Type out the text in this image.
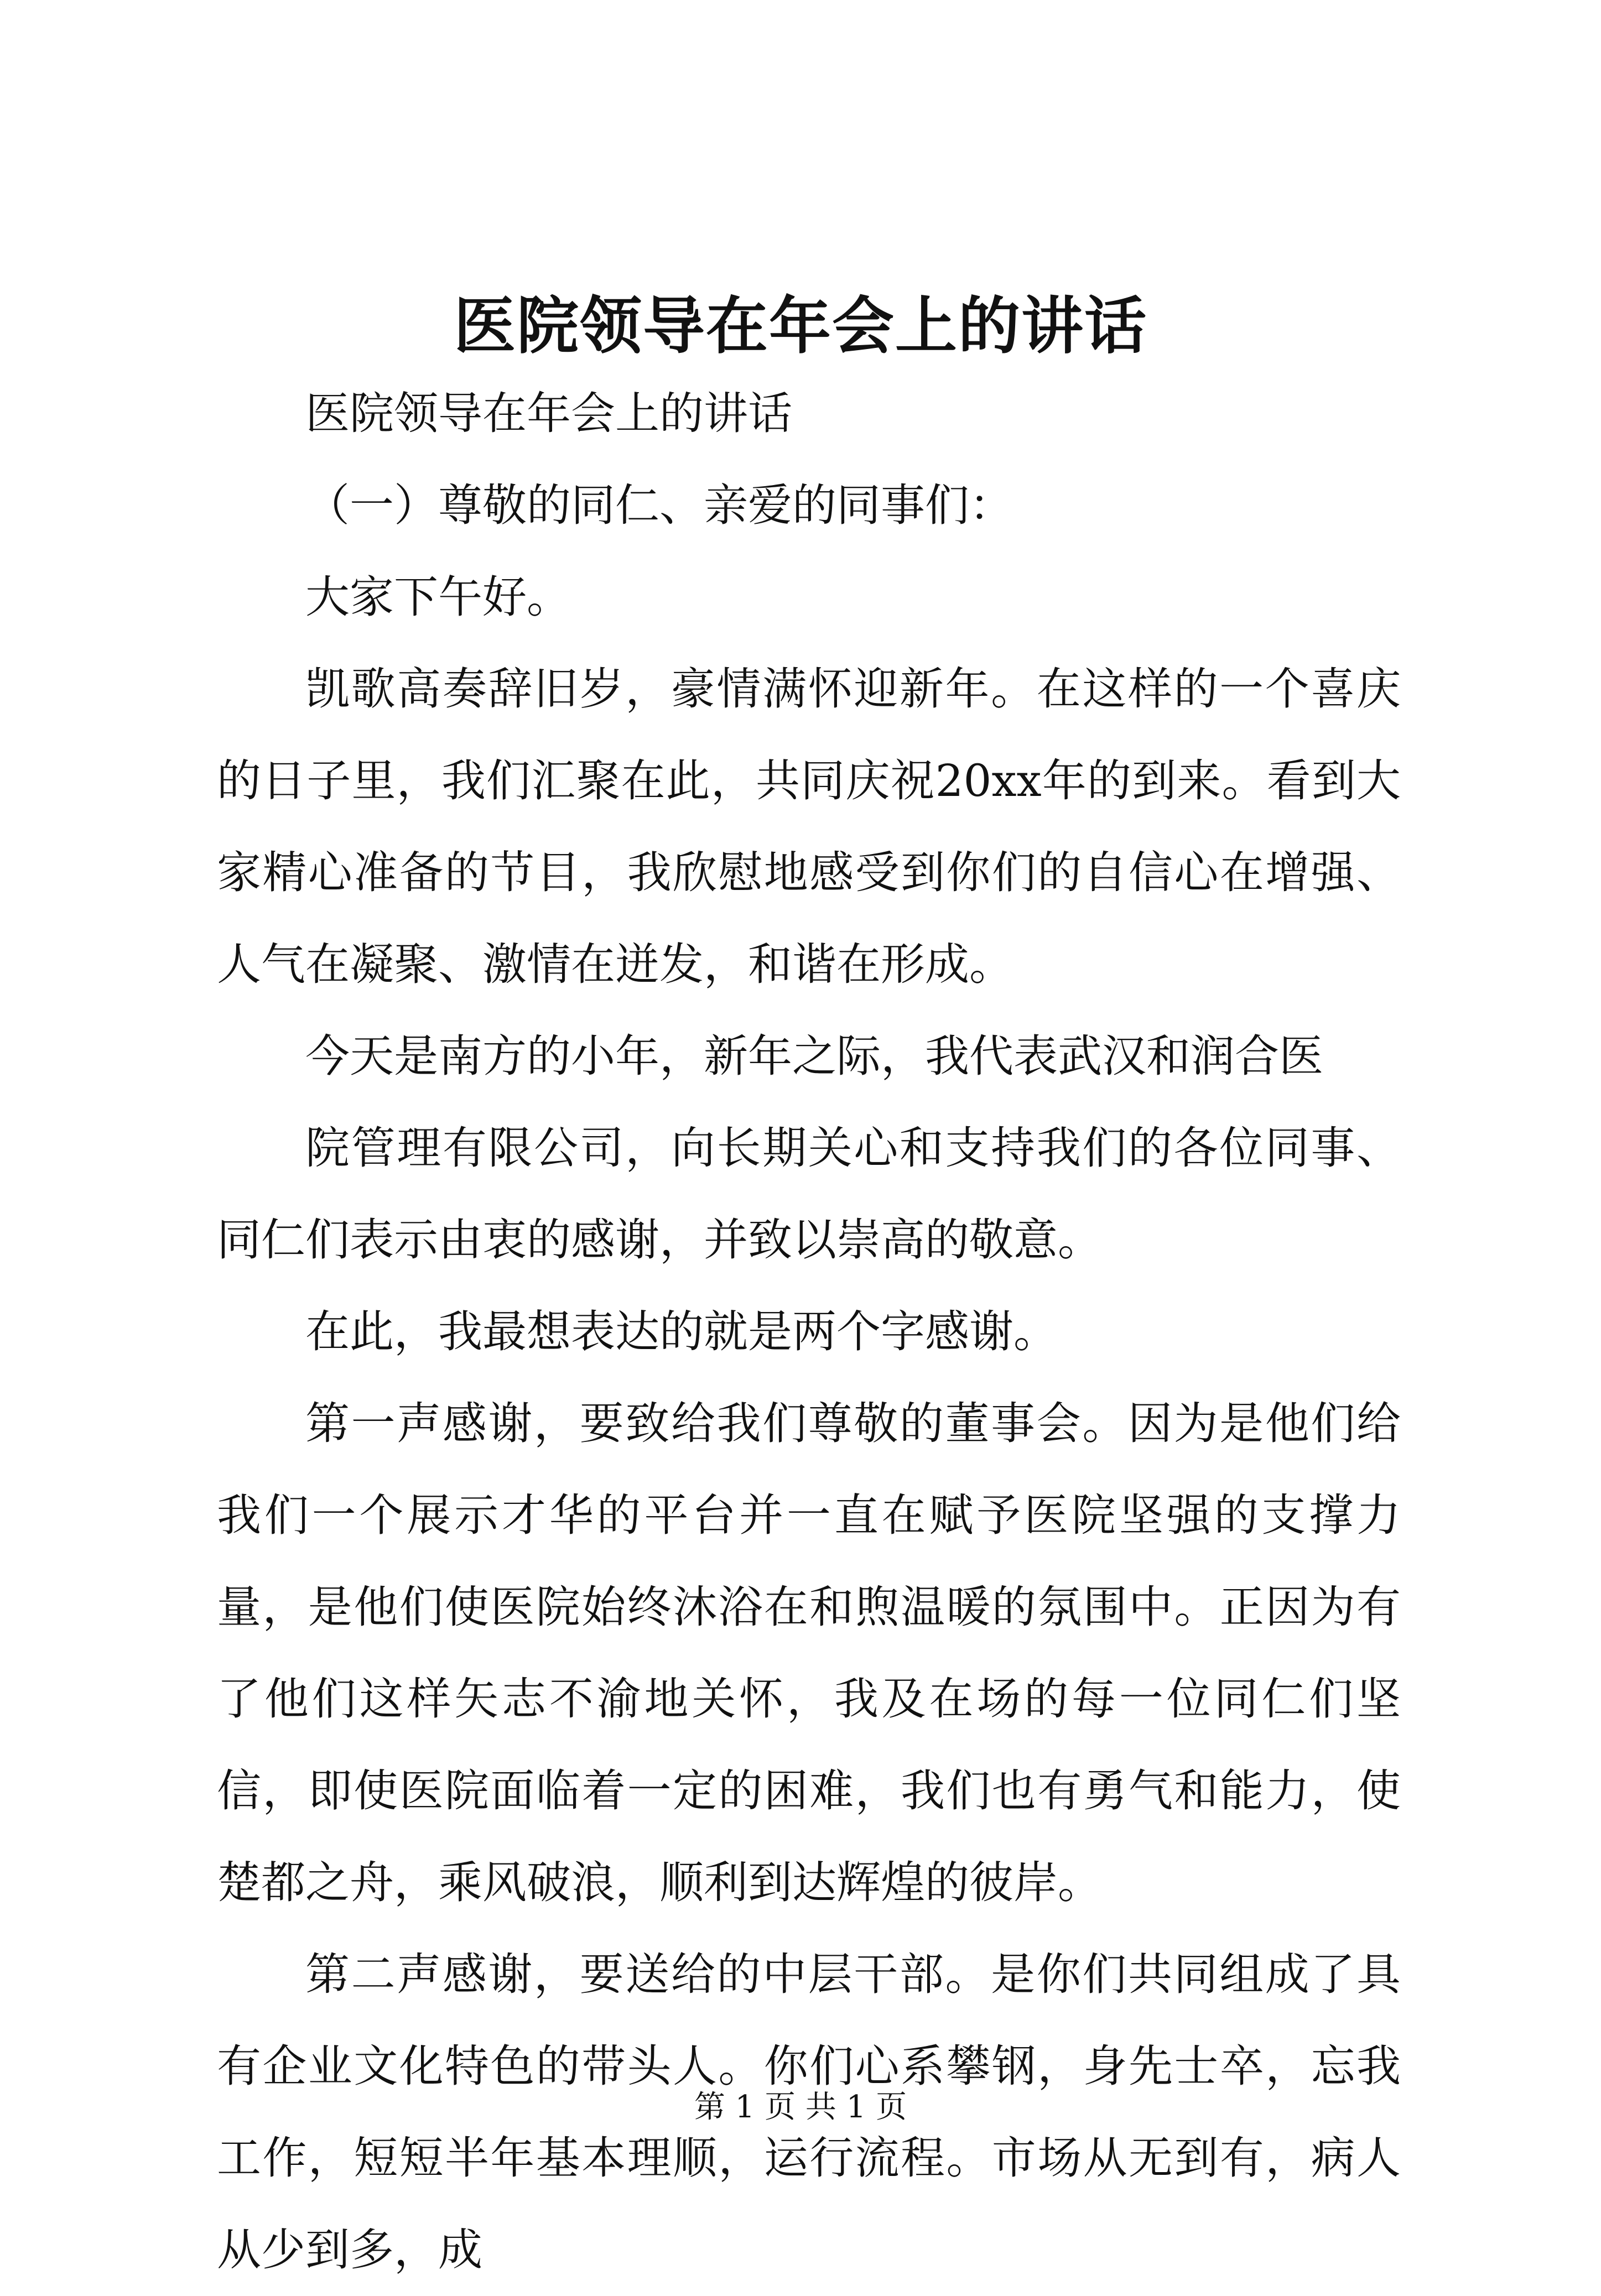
医院领导在年会上的讲话

医院领导在年会上的讲话

（一）尊敬的同仁、亲爱的同事们：

大家下午好。

凯歌高奏辞旧岁，豪情满怀迎新年。在这样的一个喜庆的日子里，我们汇聚在此，共同庆祝20xx年的到来。看到大家精心准备的节目，我欣慰地感受到你们的自信心在增强、人气在凝聚、激情在迸发，和谐在形成。

今天是南方的小年，新年之际，我代表武汉和润合医

院管理有限公司，向长期关心和支持我们的各位同事、同仁们表示由衷的感谢，并致以崇高的敬意。

在此，我最想表达的就是两个字感谢。

第一声感谢，要致给我们尊敬的董事会。因为是他们给我们一个展示才华的平台并一直在赋予医院坚强的支撑力量，是他们使医院始终沐浴在和煦温暖的氛围中。正因为有了他们这样矢志不渝地关怀，我及在场的每一位同仁们坚信，即使医院面临着一定的困难，我们也有勇气和能力，使楚都之舟，乘风破浪，顺利到达辉煌的彼岸。

第二声感谢，要送给的中层干部。是你们共同组成了具有企业文化特色的带头人。你们心系攀钢，身先士卒，忘我工作，短短半年基本理顺，运行流程。市场从无到有，病人从少到多，成

第 1 页 共 1 页
